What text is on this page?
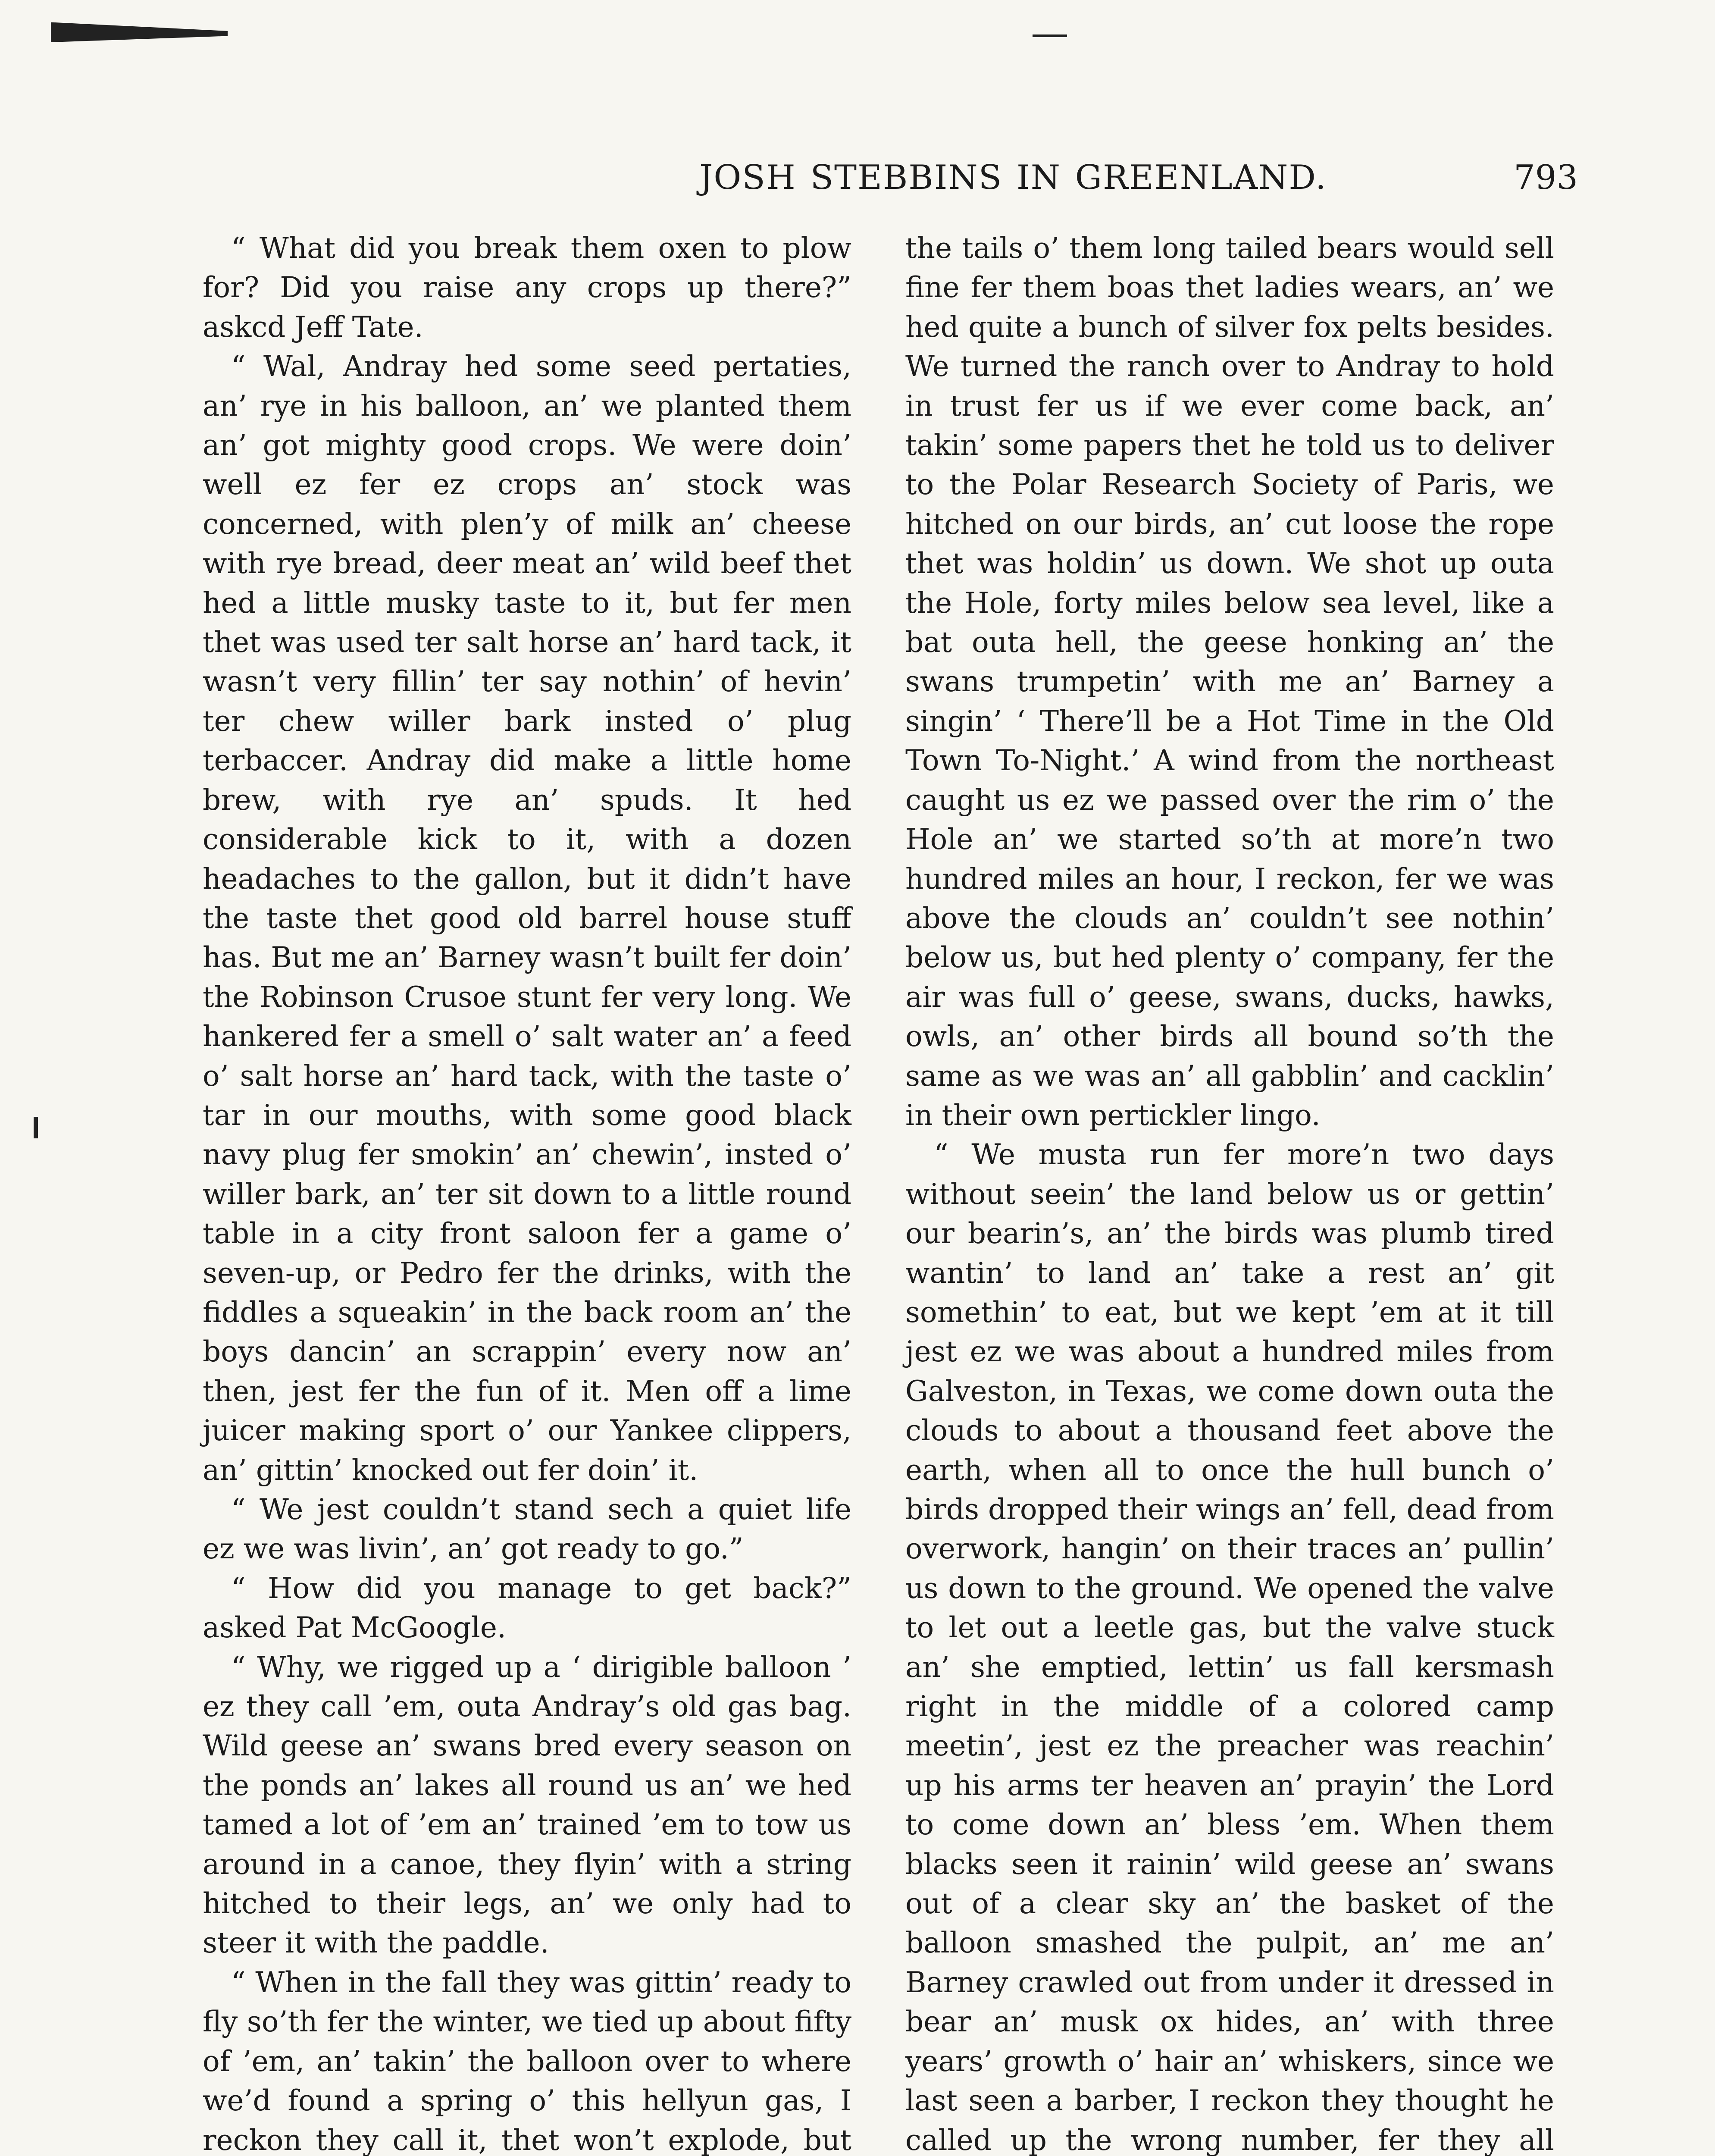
JOSH STEBBINS IN GREENLAND.	793

“ What did you break them oxen to plow for? Did you raise any crops up there?” askcd Jeff Tate.

“ Wal, Andray hed some seed pertaties, an’ rye in his balloon, an’ we planted them an’ got mighty good crops. We were doin’ well ez fer ez crops an’ stock was concerned, with plen’y of milk an’ cheese with rye bread, deer meat an’ wild beef thet hed a little musky taste to it, but fer men thet was used ter salt horse an’ hard tack, it wasn’t very fillin’ ter say nothin’ of hevin’ ter chew willer bark insted o’ plug terbaccer. Andray did make a little home brew, with rye an’ spuds. It hed considerable kick to it, with a dozen headaches to the gallon, but it didn’t have the taste thet good old barrel house stuff has. But me an’ Barney wasn’t built fer doin’ the Robinson Crusoe stunt fer very long. We hankered fer a smell o’ salt water an’ a feed o’ salt horse an’ hard tack, with the taste o’ tar in our mouths, with some good black navy plug fer smokin’ an’ chewin’, insted o’ willer bark, an’ ter sit down to a little round table in a city front saloon fer a game o’ seven-up, or Pedro fer the drinks, with the fiddles a squeakin’ in the back room an’ the boys dancin’ an scrappin’ every now an’ then, jest fer the fun of it. Men off a lime juicer making sport o’ our Yankee clippers, an’ gittin’ knocked out fer doin’ it.

“ We jest couldn’t stand sech a quiet life ez we was livin’, an’ got ready to go.”

“ How did you manage to get back?” asked Pat McGoogle.

“ Why, we rigged up a ‘ dirigible balloon ’ ez they call ’em, outa Andray’s old gas bag. Wild geese an’ swans bred every season on the ponds an’ lakes all round us an’ we hed tamed a lot of ’em an’ trained ’em to tow us around in a canoe, they flyin’ with a string hitched to their legs, an’ we only had to steer it with the paddle.

“ When in the fall they was gittin’ ready to fly so’th fer the winter, we tied up about fifty of ’em, an’ takin’ the balloon over to where we’d found a spring o’ this hellyun gas, I reckon they call it, thet won’t explode, but

the tails o’ them long tailed bears would sell fine fer them boas thet ladies wears, an’ we hed quite a bunch of silver fox pelts besides. We turned the ranch over to Andray to hold in trust fer us if we ever come back, an’ takin’ some papers thet he told us to deliver to the Polar Research Society of Paris, we hitched on our birds, an’ cut loose the rope thet was holdin’ us down. We shot up outa the Hole, forty miles below sea level, like a bat outa hell, the geese honking an’ the swans trumpetin’ with me an’ Barney a singin’ ‘ There’ll be a Hot Time in the Old Town To-Night.’ A wind from the northeast caught us ez we passed over the rim o’ the Hole an’ we started so’th at more’n two hundred miles an hour, I reckon, fer we was above the clouds an’ couldn’t see nothin’ below us, but hed plenty o’ company, fer the air was full o’ geese, swans, ducks, hawks, owls, an’ other birds all bound so’th the same as we was an’ all gabblin’ and cacklin’ in their own pertickler lingo.

“ We musta run fer more’n two days without seein’ the land below us or gettin’ our bearin’s, an’ the birds was plumb tired wantin’ to land an’ take a rest an’ git somethin’ to eat, but we kept ’em at it till jest ez we was about a hundred miles from Galveston, in Texas, we come down outa the clouds to about a thousand feet above the earth, when all to once the hull bunch o’ birds dropped their wings an’ fell, dead from overwork, hangin’ on their traces an’ pullin’ us down to the ground. We opened the valve to let out a leetle gas, but the valve stuck an’ she emptied, lettin’ us fall kersmash right in the middle of a colored camp meetin’, jest ez the preacher was reachin’ up his arms ter heaven an’ prayin’ the Lord to come down an’ bless ’em. When them blacks seen it rainin’ wild geese an’ swans out of a clear sky an’ the basket of the balloon smashed the pulpit, an’ me an’ Barney crawled out from under it dressed in bear an’ musk ox hides, an’ with three years’ growth o’ hair an’ whiskers, since we last seen a barber, I reckon they thought he called up the wrong number, fer they all
